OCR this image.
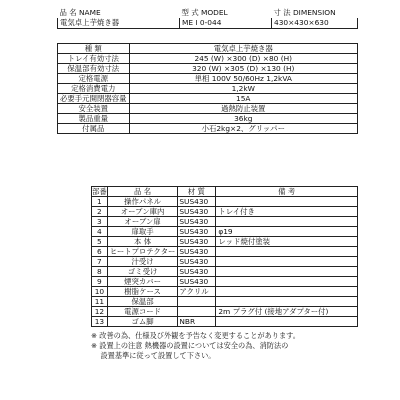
品 名 NAME	型 式 MODEL	寸 法 DIMENSION
電気卓上芋焼き器	ME I 0-044	430×430×630
種 類	電気卓上芋焼き器
トレイ有効寸法	245 (W) ×300 (D) ×80 (H)
保温部有効寸法	320 (W) ×305 (D) ×130 (H)
定格電源	単相 100V 50/60Hz 1,2kVA
定格消費電力	1,2kW
必要手元開閉器容量	15A
安全装置	過熱防止装置
製品重量	36kg
付属品	小石2kg×2、グリッパー
部番	品 名	材 質	備 考
1	操作パネル	SUS430	
2	オーブン庫内	SUS430	トレイ付き
3	オーブン扉	SUS430	
4	扉取手	SUS430	φ19
5	本 体	SUS430	レッド焼付塗装
6	ヒートプロテクター	SUS430	
7	汁受け	SUS430	
8	ゴミ受け	SUS430	
9	煙突カバー	SUS430	
10	樹脂ケース	アクリル	
11	保温部		
12	電源コード		2m プラグ付 (接地アダプター付)
13	ゴム脚	NBR	
※ 改善の為、仕様及び外観を予告なく変更することがあります。
※ 設置上の注意 熱機器の設置については安全の為、消防法の
　 設置基準に従って設置して下さい。
